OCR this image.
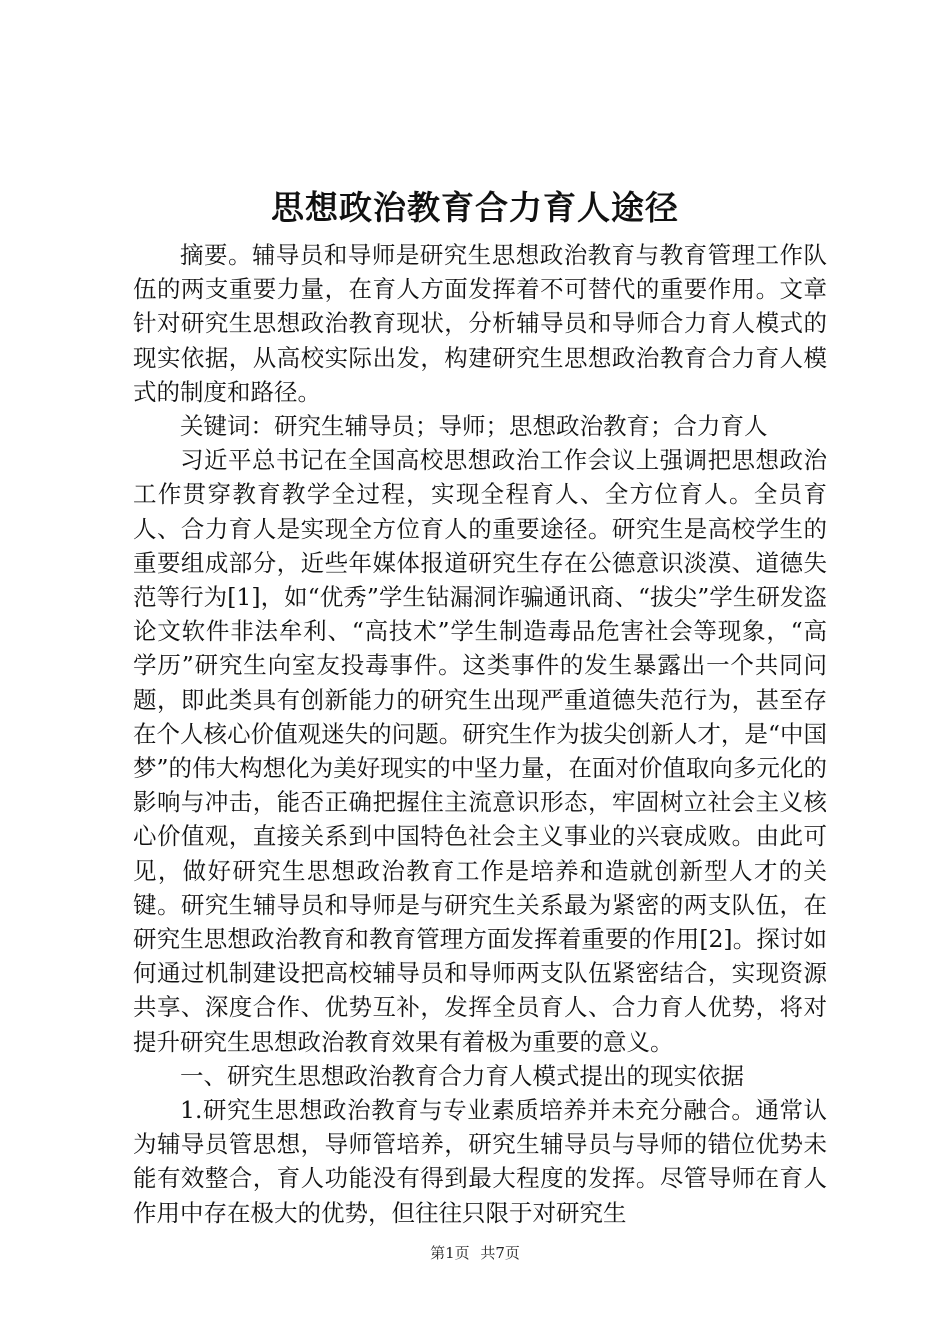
思想政治教育合力育人途径

摘要。辅导员和导师是研究生思想政治教育与教育管理工作队伍的两支重要力量，在育人方面发挥着不可替代的重要作用。文章针对研究生思想政治教育现状，分析辅导员和导师合力育人模式的现实依据，从高校实际出发，构建研究生思想政治教育合力育人模式的制度和路径。

关键词：研究生辅导员；导师；思想政治教育；合力育人

习近平总书记在全国高校思想政治工作会议上强调把思想政治工作贯穿教育教学全过程，实现全程育人、全方位育人。全员育人、合力育人是实现全方位育人的重要途径。研究生是高校学生的重要组成部分，近些年媒体报道研究生存在公德意识淡漠、道德失范等行为[1]，如“优秀”学生钻漏洞诈骗通讯商、“拔尖”学生研发盗论文软件非法牟利、“高技术”学生制造毒品危害社会等现象，“高学历”研究生向室友投毒事件。这类事件的发生暴露出一个共同问题，即此类具有创新能力的研究生出现严重道德失范行为，甚至存在个人核心价值观迷失的问题。研究生作为拔尖创新人才，是“中国梦”的伟大构想化为美好现实的中坚力量，在面对价值取向多元化的影响与冲击，能否正确把握住主流意识形态，牢固树立社会主义核心价值观，直接关系到中国特色社会主义事业的兴衰成败。由此可见，做好研究生思想政治教育工作是培养和造就创新型人才的关键。研究生辅导员和导师是与研究生关系最为紧密的两支队伍，在研究生思想政治教育和教育管理方面发挥着重要的作用[2]。探讨如何通过机制建设把高校辅导员和导师两支队伍紧密结合，实现资源共享、深度合作、优势互补，发挥全员育人、合力育人优势，将对提升研究生思想政治教育效果有着极为重要的意义。

一、研究生思想政治教育合力育人模式提出的现实依据

1.研究生思想政治教育与专业素质培养并未充分融合。通常认为辅导员管思想，导师管培养，研究生辅导员与导师的错位优势未能有效整合，育人功能没有得到最大程度的发挥。尽管导师在育人作用中存在极大的优势，但往往只限于对研究生

第1页 共7页
